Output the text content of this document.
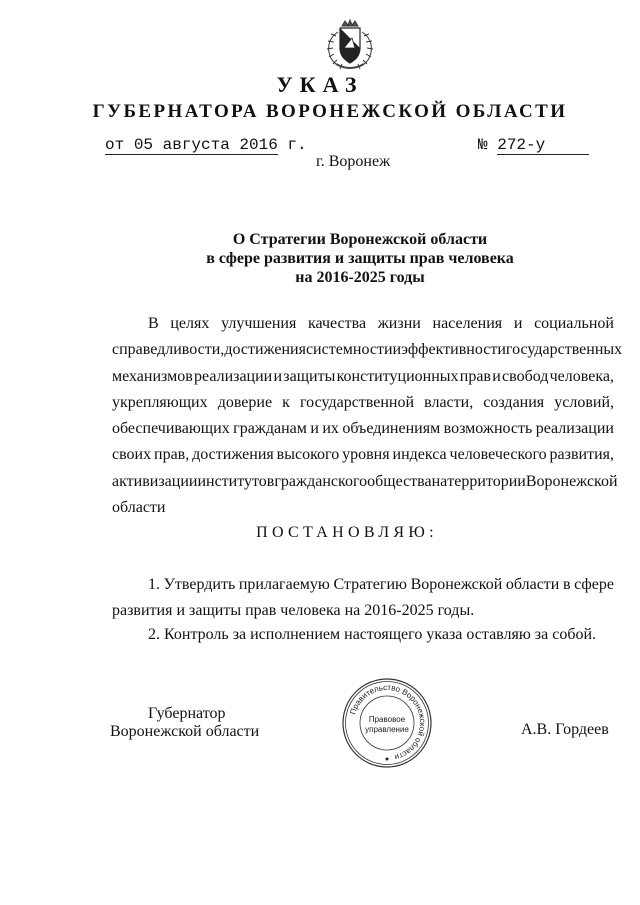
УКАЗ
ГУБЕРНАТОРА ВОРОНЕЖСКОЙ ОБЛАСТИ
от 05 августа 2016 г.	№ 272-у
г. Воронеж
О Стратегии Воронежской области
в сфере развития и защиты прав человека
на 2016-2025 годы
В целях улучшения качества жизни населения и социальной
справедливости, достижения системности и эффективности государственных
механизмов реализации и защиты конституционных прав и свобод человека,
укрепляющих доверие к государственной власти, создания условий,
обеспечивающих гражданам и их объединениям возможность реализации
своих прав, достижения высокого уровня индекса человеческого развития,
активизации институтов гражданского общества на территории Воронежской
области
ПОСТАНОВЛЯЮ:
1. Утвердить прилагаемую Стратегию Воронежской области в сфере
развития и защиты прав человека на 2016-2025 годы.
2. Контроль за исполнением настоящего указа оставляю за собой.
Губернатор
Воронежской области	А.В. Гордеев
Правительство Воронежской области
Правовое
управление
